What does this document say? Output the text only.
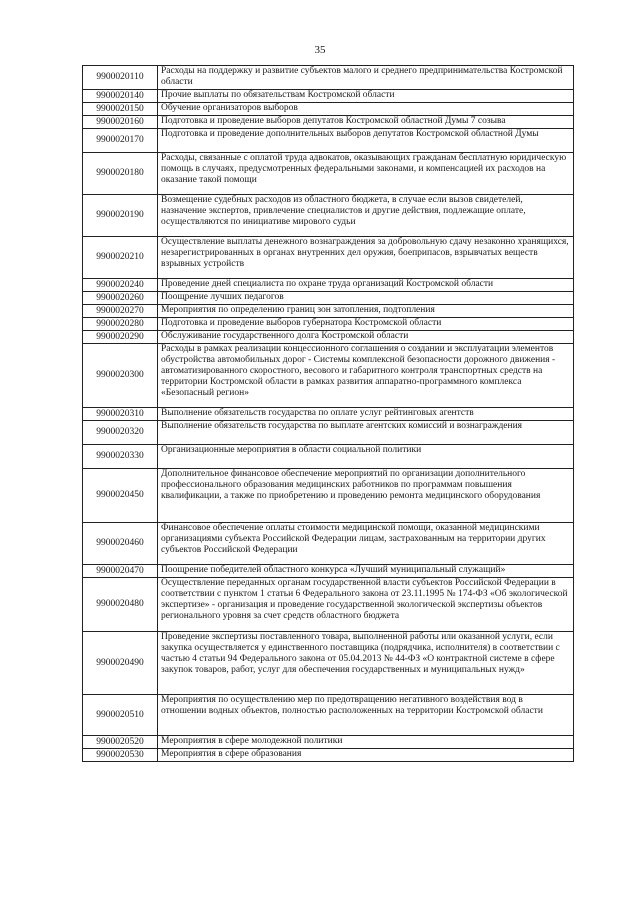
35
9900020110	Расходы на поддержку и развитие субъектов малого и среднего предпринимательства Костромской области
9900020140	Прочие выплаты по обязательствам Костромской области
9900020150	Обучение организаторов выборов
9900020160	Подготовка и проведение выборов депутатов Костромской областной Думы 7 созыва
9900020170	Подготовка и проведение дополнительных выборов депутатов Костромской областной Думы
9900020180	Расходы, связанные с оплатой труда адвокатов, оказывающих гражданам бесплатную юридическую помощь в случаях, предусмотренных федеральными законами, и компенсацией их расходов на оказание такой помощи
9900020190	Возмещение судебных расходов из областного бюджета, в случае если вызов свидетелей, назначение экспертов, привлечение специалистов и другие действия, подлежащие оплате, осуществляются по инициативе мирового судьи
9900020210	Осуществление выплаты денежного вознаграждения за добровольную сдачу незаконно хранящихся, незарегистрированных в органах внутренних дел оружия, боеприпасов, взрывчатых веществ взрывных устройств
9900020240	Проведение дней специалиста по охране труда организаций Костромской области
9900020260	Поощрение лучших педагогов
9900020270	Мероприятия по определению границ зон затопления, подтопления
9900020280	Подготовка и проведение выборов губернатора Костромской области
9900020290	Обслуживание государственного долга Костромской области
9900020300	Расходы в рамках реализации концессионного соглашения о создании и эксплуатации элементов обустройства автомобильных дорог - Системы комплексной безопасности дорожного движения - автоматизированного скоростного, весового и габаритного контроля транспортных средств на территории Костромской области в рамках развития аппаратно-программного комплекса «Безопасный регион»
9900020310	Выполнение обязательств государства по оплате услуг рейтинговых агентств
9900020320	Выполнение обязательств государства по выплате агентских комиссий и вознаграждения
9900020330	Организационные мероприятия в области социальной политики
9900020450	Дополнительное финансовое обеспечение мероприятий по организации дополнительного профессионального образования медицинских работников по программам повышения квалификации, а также по приобретению и проведению ремонта медицинского оборудования
9900020460	Финансовое обеспечение оплаты стоимости медицинской помощи, оказанной медицинскими организациями субъекта Российской Федерации лицам, застрахованным на территории других субъектов Российской Федерации
9900020470	Поощрение победителей областного конкурса «Лучший муниципальный служащий»
9900020480	Осуществление переданных органам государственной власти субъектов Российской Федерации в соответствии с пунктом 1 статьи 6 Федерального закона от 23.11.1995 № 174-ФЗ «Об экологической экспертизе» - организация и проведение государственной экологической экспертизы объектов регионального уровня за счет средств областного бюджета
9900020490	Проведение экспертизы поставленного товара, выполненной работы или оказанной услуги, если закупка осуществляется у единственного поставщика (подрядчика, исполнителя) в соответствии с частью 4 статьи 94 Федерального закона от 05.04.2013 № 44-ФЗ «О контрактной системе в сфере закупок товаров, работ, услуг для обеспечения государственных и муниципальных нужд»
9900020510	Мероприятия по осуществлению мер по предотвращению негативного воздействия вод в отношении водных объектов, полностью расположенных на территории Костромской области
9900020520	Мероприятия в сфере молодежной политики
9900020530	Мероприятия в сфере образования
